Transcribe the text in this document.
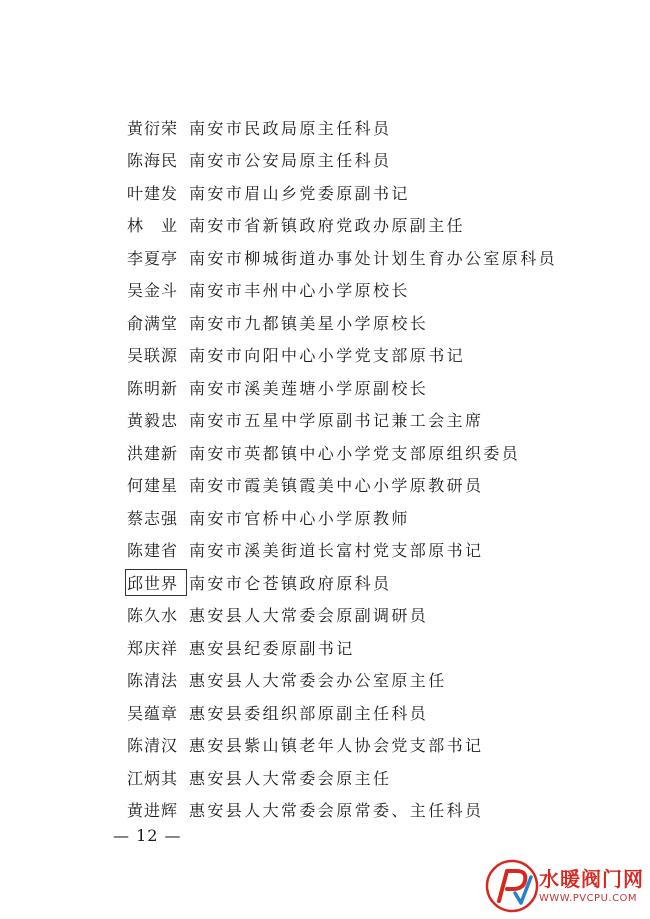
黄衍荣 南安市民政局原主任科员
陈海民 南安市公安局原主任科员
叶建发 南安市眉山乡党委原副书记
林　业 南安市省新镇政府党政办原副主任
李夏亭 南安市柳城街道办事处计划生育办公室原科员
吴金斗 南安市丰州中心小学原校长
俞满堂 南安市九都镇美星小学原校长
吴联源 南安市向阳中心小学党支部原书记
陈明新 南安市溪美莲塘小学原副校长
黄毅忠 南安市五星中学原副书记兼工会主席
洪建新 南安市英都镇中心小学党支部原组织委员
何建星 南安市霞美镇霞美中心小学原教研员
蔡志强 南安市官桥中心小学原教师
陈建省 南安市溪美街道长富村党支部原书记
邱世界 南安市仑苍镇政府原科员
陈久水 惠安县人大常委会原副调研员
郑庆祥 惠安县纪委原副书记
陈清法 惠安县人大常委会办公室原主任
吴蕴章 惠安县委组织部原副主任科员
陈清汉 惠安县紫山镇老年人协会党支部书记
江炳其 惠安县人大常委会原主任
黄进辉 惠安县人大常委会原常委、主任科员
— 12 —
水暖阀门网
WWW.PVCPU.COM
